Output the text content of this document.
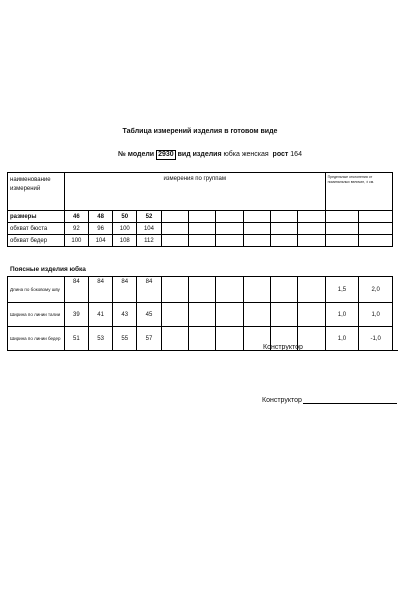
Таблица измерений изделия в готовом виде
№ модели 2930 вид изделия юбка женская рост 164
наименование измерений	измерения по группам										Предельные отклонения от номинальных величин, ± см.	
размеры	46	48	50	52								
обхват бюста	92	96	100	104								
обхват бедер	100	104	108	112								
Поясные изделия юбка
Длина по боковому шву	84	84	84	84							1,5	2,0
Ширина по линии талии	39	41	43	45							1,0	1,0
Ширина по линии бедер	51	53	55	57							1,0	-1,0
Конструктор
Конструктор
